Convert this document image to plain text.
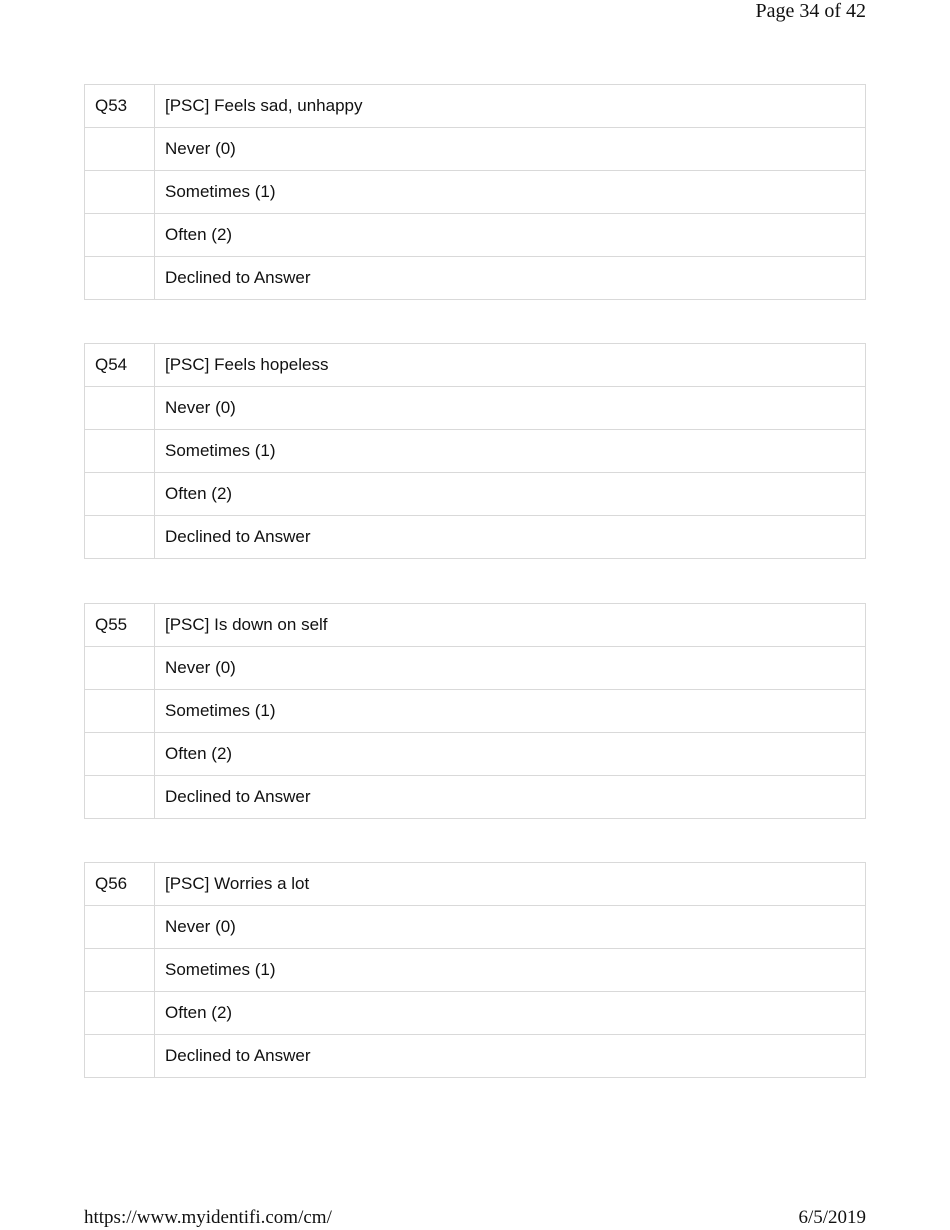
Page 34 of 42
Q53	[PSC] Feels sad, unhappy
	Never (0)
	Sometimes (1)
	Often (2)
	Declined to Answer
Q54	[PSC] Feels hopeless
	Never (0)
	Sometimes (1)
	Often (2)
	Declined to Answer
Q55	[PSC] Is down on self
	Never (0)
	Sometimes (1)
	Often (2)
	Declined to Answer
Q56	[PSC] Worries a lot
	Never (0)
	Sometimes (1)
	Often (2)
	Declined to Answer
https://www.myidentifi.com/cm/	6/5/2019
